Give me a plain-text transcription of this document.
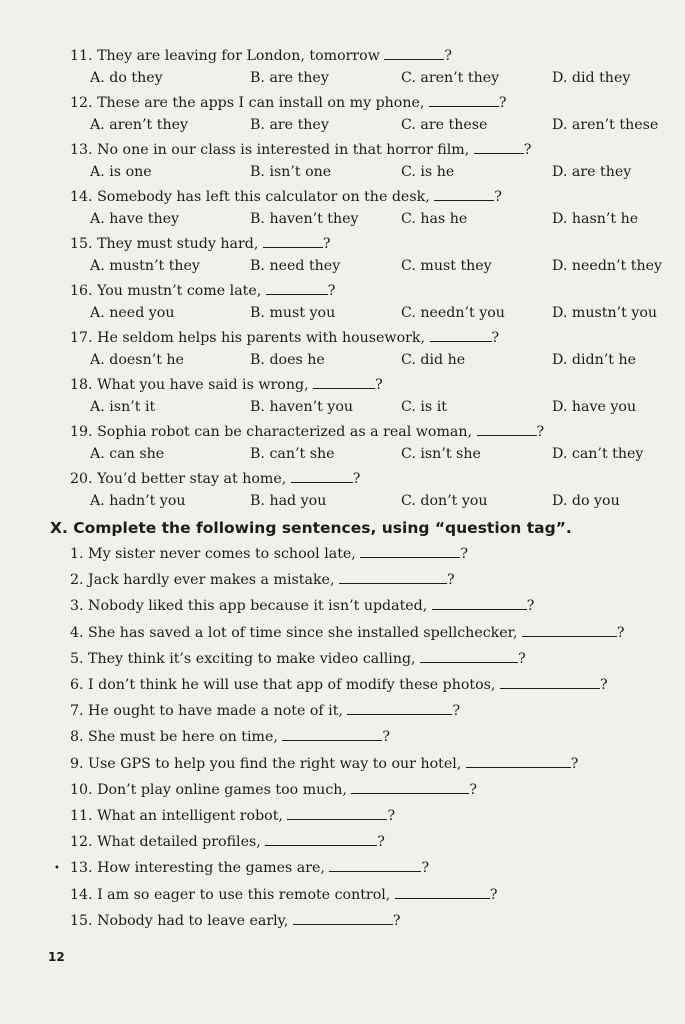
11. They are leaving for London, tomorrow	?
A. do they	B. are they	C. aren’t they	D. did they
12. These are the apps I can install on my phone,	?
A. aren’t they	B. are they	C. are these	D. aren’t these
13. No one in our class is interested in that horror film,	?
A. is one	B. isn’t one	C. is he	D. are they
14. Somebody has left this calculator on the desk,	?
A. have they	B. haven’t they	C. has he	D. hasn’t he
15. They must study hard,	?
A. mustn’t they	B. need they	C. must they	D. needn’t they
16. You mustn’t come late,	?
A. need you	B. must you	C. needn’t you	D. mustn’t you
17. He seldom helps his parents with housework,	?
A. doesn’t he	B. does he	C. did he	D. didn’t he
18. What you have said is wrong,	?
A. isn’t it	B. haven’t you	C. is it	D. have you
19. Sophia robot can be characterized as a real woman,	?
A. can she	B. can’t she	C. isn’t she	D. can’t they
20. You’d better stay at home,	?
A. hadn’t you	B. had you	C. don’t you	D. do you
X. Complete the following sentences, using “question tag”.
1. My sister never comes to school late,	?
2. Jack hardly ever makes a mistake,	?
3. Nobody liked this app because it isn’t updated,	?
4. She has saved a lot of time since she installed spellchecker,	?
5. They think it’s exciting to make video calling,	?
6. I don’t think he will use that app of modify these photos,	?
7. He ought to have made a note of it,	?
8. She must be here on time,	?
9. Use GPS to help you find the right way to our hotel,	?
10. Don’t play online games too much,	?
11. What an intelligent robot,	?
12. What detailed profiles,	?
13. How interesting the games are,	?
14. I am so eager to use this remote control,	?
15. Nobody had to leave early,	?
•
12
